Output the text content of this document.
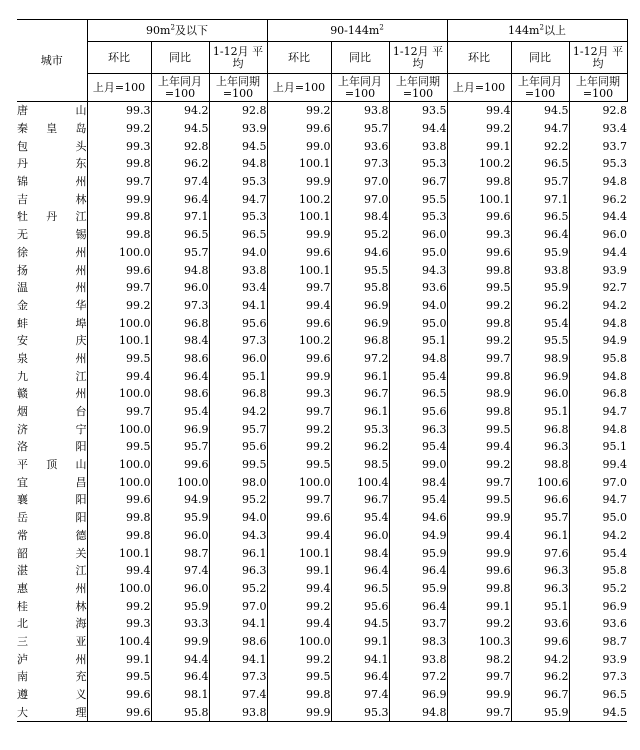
城市	$90m^2$及以下			$90-144m^2$			$144m^2$以上		
	环比	同比	1-12月 平均	环比	同比	1-12月 平均	环比	同比	1-12月 平均
	上月=100	上年同月 =100	上年同期 =100	上月=100	上年同月 =100	上年同期 =100	上月=100	上年同月 =100	上年同期 =100
唐山	99.3	94.2	92.8	99.2	93.8	93.5	99.4	94.5	92.8
秦皇岛	99.2	94.5	93.9	99.6	95.7	94.4	99.2	94.7	93.4
包头	99.3	92.8	94.5	99.0	93.6	93.8	99.1	92.2	93.7
丹东	99.8	96.2	94.8	100.1	97.3	95.3	100.2	96.5	95.3
锦州	99.7	97.4	95.3	99.9	97.0	96.7	99.8	95.7	94.8
吉林	99.9	96.4	94.7	100.2	97.0	95.5	100.1	97.1	96.2
牡丹江	99.8	97.1	95.3	100.1	98.4	95.3	99.6	96.5	94.4
无锡	99.8	96.5	96.5	99.9	95.2	96.0	99.3	96.4	96.0
徐州	100.0	95.7	94.0	99.6	94.6	95.0	99.6	95.9	94.4
扬州	99.6	94.8	93.8	100.1	95.5	94.3	99.8	93.8	93.9
温州	99.7	96.0	93.4	99.7	95.8	93.6	99.5	95.9	92.7
金华	99.2	97.3	94.1	99.4	96.9	94.0	99.2	96.2	94.2
蚌埠	100.0	96.8	95.6	99.6	96.9	95.0	99.8	95.4	94.8
安庆	100.1	98.4	97.3	100.2	96.8	95.1	99.2	95.5	94.9
泉州	99.5	98.6	96.0	99.6	97.2	94.8	99.7	98.9	95.8
九江	99.4	96.4	95.1	99.9	96.1	95.4	99.8	96.9	94.8
赣州	100.0	98.6	96.8	99.3	96.7	96.5	98.9	96.0	96.8
烟台	99.7	95.4	94.2	99.7	96.1	95.6	99.8	95.1	94.7
济宁	100.0	96.9	95.7	99.2	95.3	96.3	99.5	96.8	94.8
洛阳	99.5	95.7	95.6	99.2	96.2	95.4	99.4	96.3	95.1
平顶山	100.0	99.6	99.5	99.5	98.5	99.0	99.2	98.8	99.4
宜昌	100.0	100.0	98.0	100.0	100.4	98.4	99.7	100.6	97.0
襄阳	99.6	94.9	95.2	99.7	96.7	95.4	99.5	96.6	94.7
岳阳	99.8	95.9	94.0	99.6	95.4	94.6	99.9	95.7	95.0
常德	99.8	96.0	94.3	99.4	96.0	94.9	99.4	96.1	94.2
韶关	100.1	98.7	96.1	100.1	98.4	95.9	99.9	97.6	95.4
湛江	99.4	97.4	96.3	99.1	96.4	96.4	99.6	96.3	95.8
惠州	100.0	96.0	95.2	99.4	96.5	95.9	99.8	96.3	95.2
桂林	99.2	95.9	97.0	99.2	95.6	96.4	99.1	95.1	96.9
北海	99.3	93.3	94.1	99.4	94.5	93.7	99.2	93.6	93.6
三亚	100.4	99.9	98.6	100.0	99.1	98.3	100.3	99.6	98.7
泸州	99.1	94.4	94.1	99.2	94.1	93.8	98.2	94.2	93.9
南充	99.5	96.4	97.3	99.5	96.4	97.2	99.7	96.2	97.3
遵义	99.6	98.1	97.4	99.8	97.4	96.9	99.9	96.7	96.5
大理	99.6	95.8	93.8	99.9	95.3	94.8	99.7	95.9	94.5
